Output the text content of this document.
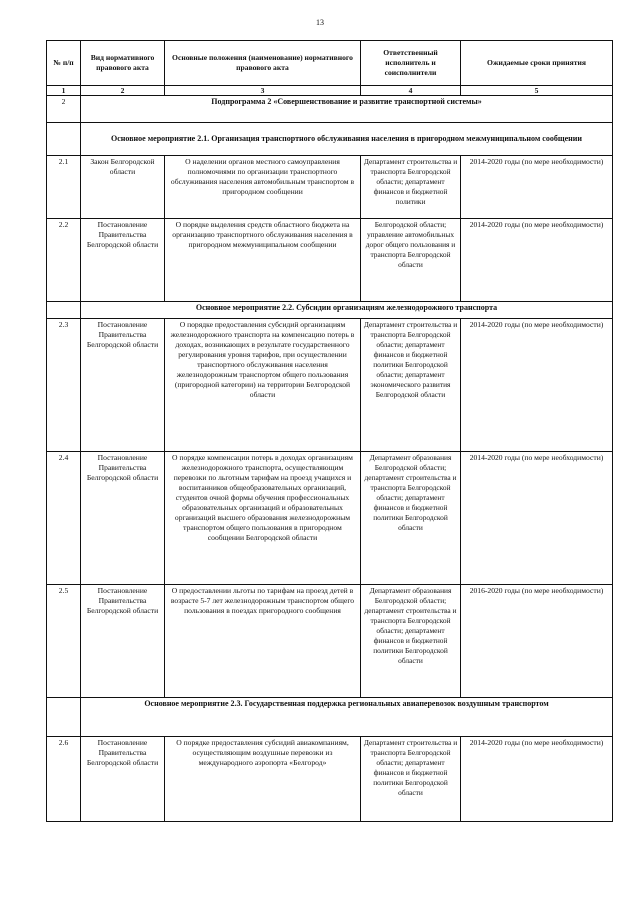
13
№ п/п	Вид нормативного правового акта	Основные положения (наименование) нормативного правового акта	Ответственный исполнитель и соисполнители	Ожидаемые сроки принятия
1	2	3	4	5
2	Подпрограмма 2 «Совершенствование и развитие транспортной системы»			
	Основное мероприятие 2.1. Организация транспортного обслуживания населения в пригородном межмуниципальном сообщении			
2.1	Закон Белгородской области	О наделении органов местного самоуправления полномочиями по организации транспортного обслуживания населения автомобильным транспортом в пригородном сообщении	Департамент строительства и транспорта Белгородской области; департамент финансов и бюджетной политики	2014-2020 годы (по мере необходимости)
2.2	Постановление Правительства Белгородской области	О порядке выделения средств областного бюджета на организацию транспортного обслуживания населения в пригородном межмуниципальном сообщении	Белгородской области; управление автомобильных дорог общего пользования и транспорта Белгородской области	2014-2020 годы (по мере необходимости)
	Основное мероприятие 2.2. Субсидии организациям железнодорожного транспорта			
2.3	Постановление Правительства Белгородской области	О порядке предоставления субсидий организациям железнодорожного транспорта на компенсацию потерь в доходах, возникающих в результате государственного регулирования уровня тарифов, при осуществлении транспортного обслуживания населения железнодорожным транспортом общего пользования (пригородной категории) на территории Белгородской области	Департамент строительства и транспорта Белгородской области; департамент финансов и бюджетной политики Белгородской области; департамент экономического развития Белгородской области	2014-2020 годы (по мере необходимости)
2.4	Постановление Правительства Белгородской области	О порядке компенсации потерь в доходах организациям железнодорожного транспорта, осуществляющим перевозки по льготным тарифам на проезд учащихся и воспитанников общеобразовательных организаций, студентов очной формы обучения профессиональных образовательных организаций и образовательных организаций высшего образования железнодорожным транспортом общего пользования в пригородном сообщении Белгородской области	Департамент образования Белгородской области; департамент строительства и транспорта Белгородской области; департамент финансов и бюджетной политики Белгородской области	2014-2020 годы (по мере необходимости)
2.5	Постановление Правительства Белгородской области	О предоставлении льготы по тарифам на проезд детей в возрасте 5-7 лет железнодорожным транспортом общего пользования в поездах пригородного сообщения	Департамент образования Белгородской области; департамент строительства и транспорта Белгородской области; департамент финансов и бюджетной политики Белгородской области	2016-2020 годы (по мере необходимости)
	Основное мероприятие 2.3. Государственная поддержка региональных авиаперевозок воздушным транспортом			
2.6	Постановление Правительства Белгородской области	О порядке предоставления субсидий авиакомпаниям, осуществляющим воздушные перевозки из международного аэропорта «Белгород»	Департамент строительства и транспорта Белгородской области; департамент финансов и бюджетной политики Белгородской области	2014-2020 годы (по мере необходимости)
